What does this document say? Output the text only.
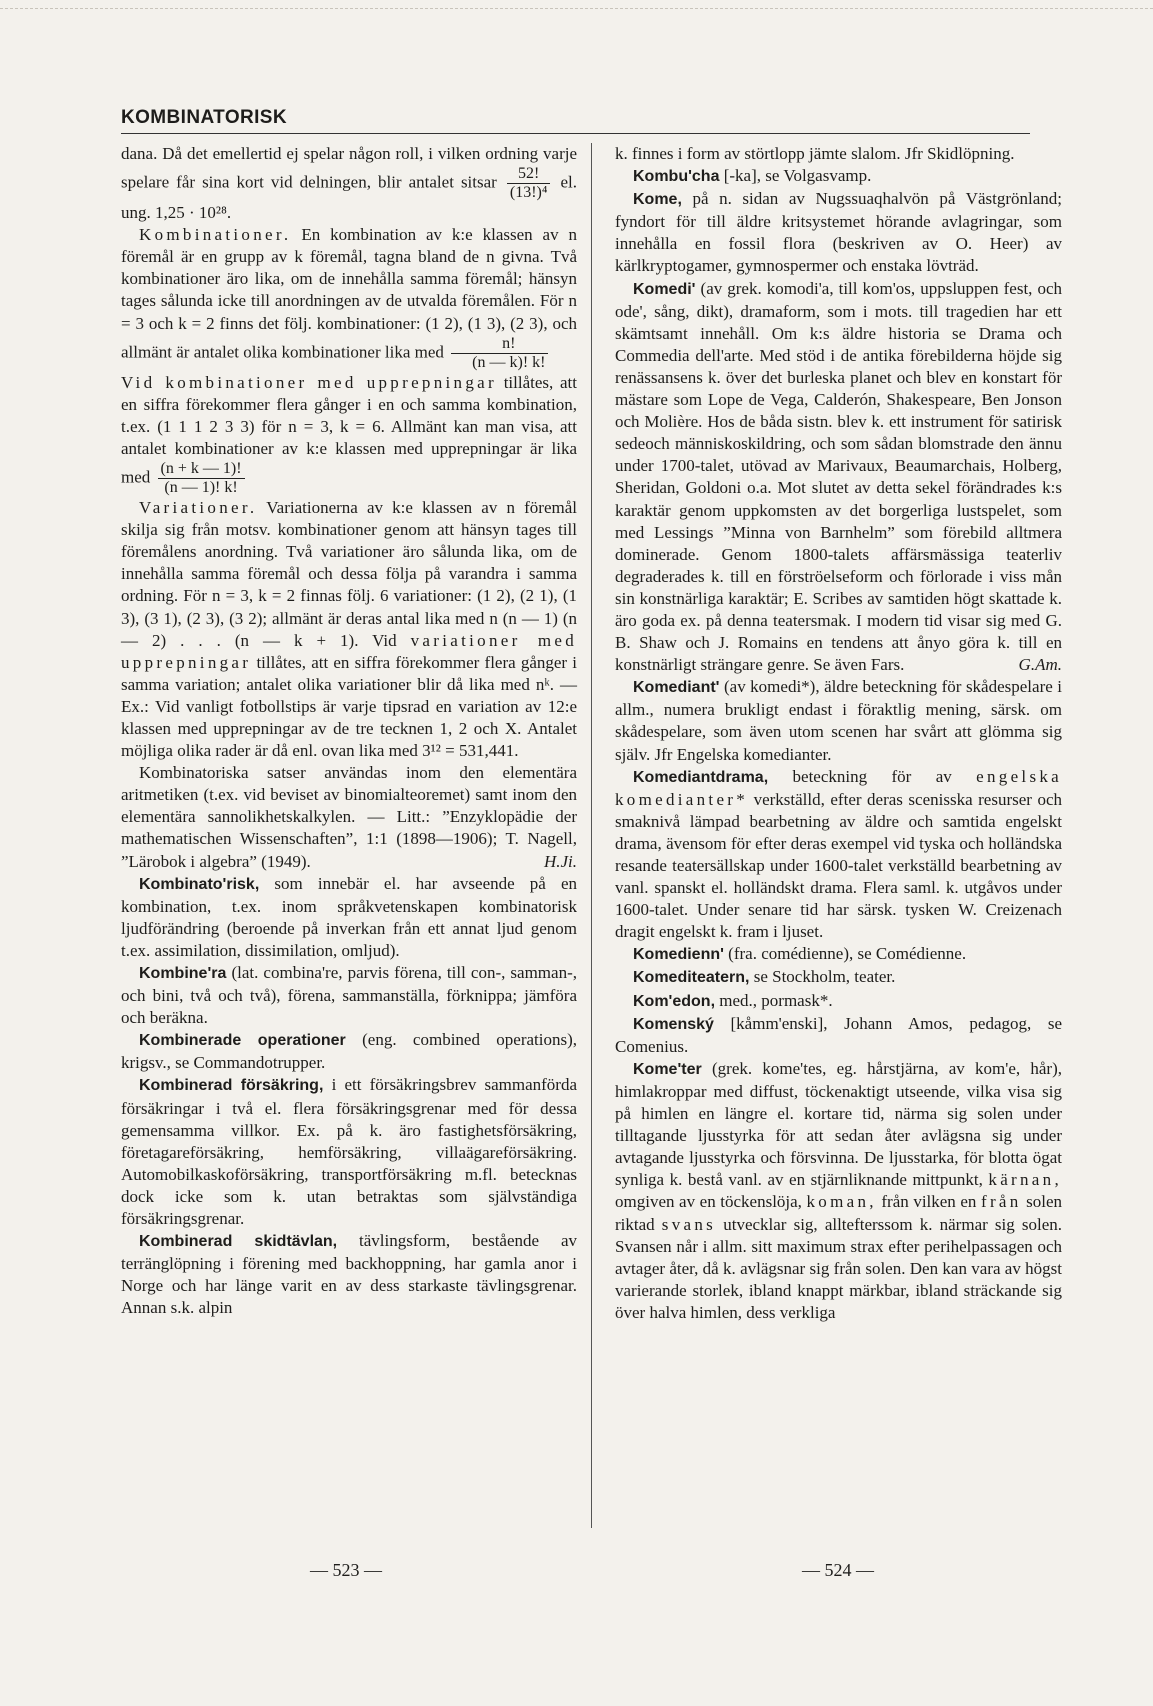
KOMBINATORISK

dana. Då det emellertid ej spelar någon roll, i vilken ordning varje spelare får sina kort vid delningen, blir antalet sitsar $\frac{52!}{\text{(13!)⁴}}$ el. ung. 1,25 · 10²⁸.

Kombinationer. En kombination av k:e klassen av n föremål är en grupp av k föremål, tagna bland de n givna. Två kombinationer äro lika, om de innehålla samma föremål; hänsyn tages sålunda icke till anordningen av de utvalda föremålen. För n = 3 och k = 2 finns det följ. kombinationer: (1 2), (1 3), (2 3), och allmänt är antalet olika kombinationer lika med $\frac{n!}{(n — k)! k!}$

Vid kombinationer med upprepningar tillåtes, att en siffra förekommer flera gånger i en och samma kombination, t.ex. (1 1 1 2 3 3) för n = 3, k = 6. Allmänt kan man visa, att antalet kombinationer av k:e klassen med upprepningar är lika med $\frac{(n + k — 1)!}{(n — 1)! k!}$

Variationer. Variationerna av k:e klassen av n föremål skilja sig från motsv. kombinationer genom att hänsyn tages till föremålens anordning. Två variationer äro sålunda lika, om de innehålla samma föremål och dessa följa på varandra i samma ordning. För n = 3, k = 2 finnas följ. 6 variationer: (1 2), (2 1), (1 3), (3 1), (2 3), (3 2); allmänt är deras antal lika med n (n — 1) (n — 2) . . . (n — k + 1). Vid variationer med upprepningar tillåtes, att en siffra förekommer flera gånger i samma variation; antalet olika variationer blir då lika med nᵏ. — Ex.: Vid vanligt fotbollstips är varje tipsrad en variation av 12:e klassen med upprepningar av de tre tecknen 1, 2 och X. Antalet möjliga olika rader är då enl. ovan lika med 3¹² = 531,441.

Kombinatoriska satser användas inom den elementära aritmetiken (t.ex. vid beviset av binomialteoremet) samt inom den elementära sannolikhetskalkylen. — Litt.: ”Enzyklopädie der mathematischen Wissenschaften”, 1:1 (1898—1906); T. Nagell, ”Lärobok i algebra” (1949).	H.Ji.

Kombinato'risk, som innebär el. har avseende på en kombination, t.ex. inom språkvetenskapen kombinatorisk ljudförändring (beroende på inverkan från ett annat ljud genom t.ex. assimilation, dissimilation, omljud).

Kombine'ra (lat. combina're, parvis förena, till con-, samman-, och bini, två och två), förena, sammanställa, förknippa; jämföra och beräkna.

Kombinerade operationer (eng. combined operations), krigsv., se Commandotrupper.

Kombinerad försäkring, i ett försäkringsbrev sammanförda försäkringar i två el. flera försäkringsgrenar med för dessa gemensamma villkor. Ex. på k. äro fastighetsförsäkring, företagareförsäkring, hemförsäkring, villaägareförsäkring. Automobilkaskoförsäkring, transportförsäkring m.fl. betecknas dock icke som k. utan betraktas som självständiga försäkringsgrenar.

Kombinerad skidtävlan, tävlingsform, bestående av terränglöpning i förening med backhoppning, har gamla anor i Norge och har länge varit en av dess starkaste tävlingsgrenar. Annan s.k. alpin

k. finnes i form av störtlopp jämte slalom. Jfr Skidlöpning.

Kombu'cha [-ka], se Volgasvamp.

Kome, på n. sidan av Nugssuaqhalvön på Västgrönland; fyndort för till äldre kritsystemet hörande avlagringar, som innehålla en fossil flora (beskriven av O. Heer) av kärlkryptogamer, gymnospermer och enstaka lövträd.

Komedi' (av grek. komodi'a, till kom'os, uppsluppen fest, och ode', sång, dikt), dramaform, som i mots. till tragedien har ett skämtsamt innehåll. Om k:s äldre historia se Drama och Commedia dell'arte. Med stöd i de antika förebilderna höjde sig renässansens k. över det burleska planet och blev en konstart för mästare som Lope de Vega, Calderón, Shakespeare, Ben Jonson och Molière. Hos de båda sistn. blev k. ett instrument för satirisk sedeoch människoskildring, och som sådan blomstrade den ännu under 1700-talet, utövad av Marivaux, Beaumarchais, Holberg, Sheridan, Goldoni o.a. Mot slutet av detta sekel förändrades k:s karaktär genom uppkomsten av det borgerliga lustspelet, som med Lessings ”Minna von Barnhelm” som förebild alltmera dominerade. Genom 1800-talets affärsmässiga teaterliv degraderades k. till en förströelseform och förlorade i viss mån sin konstnärliga karaktär; E. Scribes av samtiden högt skattade k. äro goda ex. på denna teatersmak. I modern tid visar sig med G. B. Shaw och J. Romains en tendens att ånyo göra k. till en konstnärligt strängare genre. Se även Fars.	G.Am.

Komediant' (av komedi*), äldre beteckning för skådespelare i allm., numera brukligt endast i föraktlig mening, särsk. om skådespelare, som även utom scenen har svårt att glömma sig själv. Jfr Engelska komedianter.

Komediantdrama, beteckning för av engelska komedianter* verkställd, efter deras scenisska resurser och smaknivå lämpad bearbetning av äldre och samtida engelskt drama, ävensom för efter deras exempel vid tyska och holländska resande teatersällskap under 1600-talet verkställd bearbetning av vanl. spanskt el. holländskt drama. Flera saml. k. utgåvos under 1600-talet. Under senare tid har särsk. tysken W. Creizenach dragit engelskt k. fram i ljuset.

Komedienn' (fra. comédienne), se Comédienne.

Komediteatern, se Stockholm, teater.

Kom'edon, med., pormask*.

Komenský [kåmm'enski], Johann Amos, pedagog, se Comenius.

Kome'ter (grek. kome'tes, eg. hårstjärna, av kom'e, hår), himlakroppar med diffust, töckenaktigt utseende, vilka visa sig på himlen en längre el. kortare tid, närma sig solen under tilltagande ljusstyrka för att sedan åter avlägsna sig under avtagande ljusstyrka och försvinna. De ljusstarka, för blotta ögat synliga k. bestå vanl. av en stjärnliknande mittpunkt, kärnan, omgiven av en töckenslöja, koman, från vilken en från solen riktad svans utvecklar sig, alltefterssom k. närmar sig solen. Svansen når i allm. sitt maximum strax efter perihelpassagen och avtager åter, då k. avlägsnar sig från solen. Den kan vara av högst varierande storlek, ibland knappt märkbar, ibland sträckande sig över halva himlen, dess verkliga

— 523 —	— 524 —
